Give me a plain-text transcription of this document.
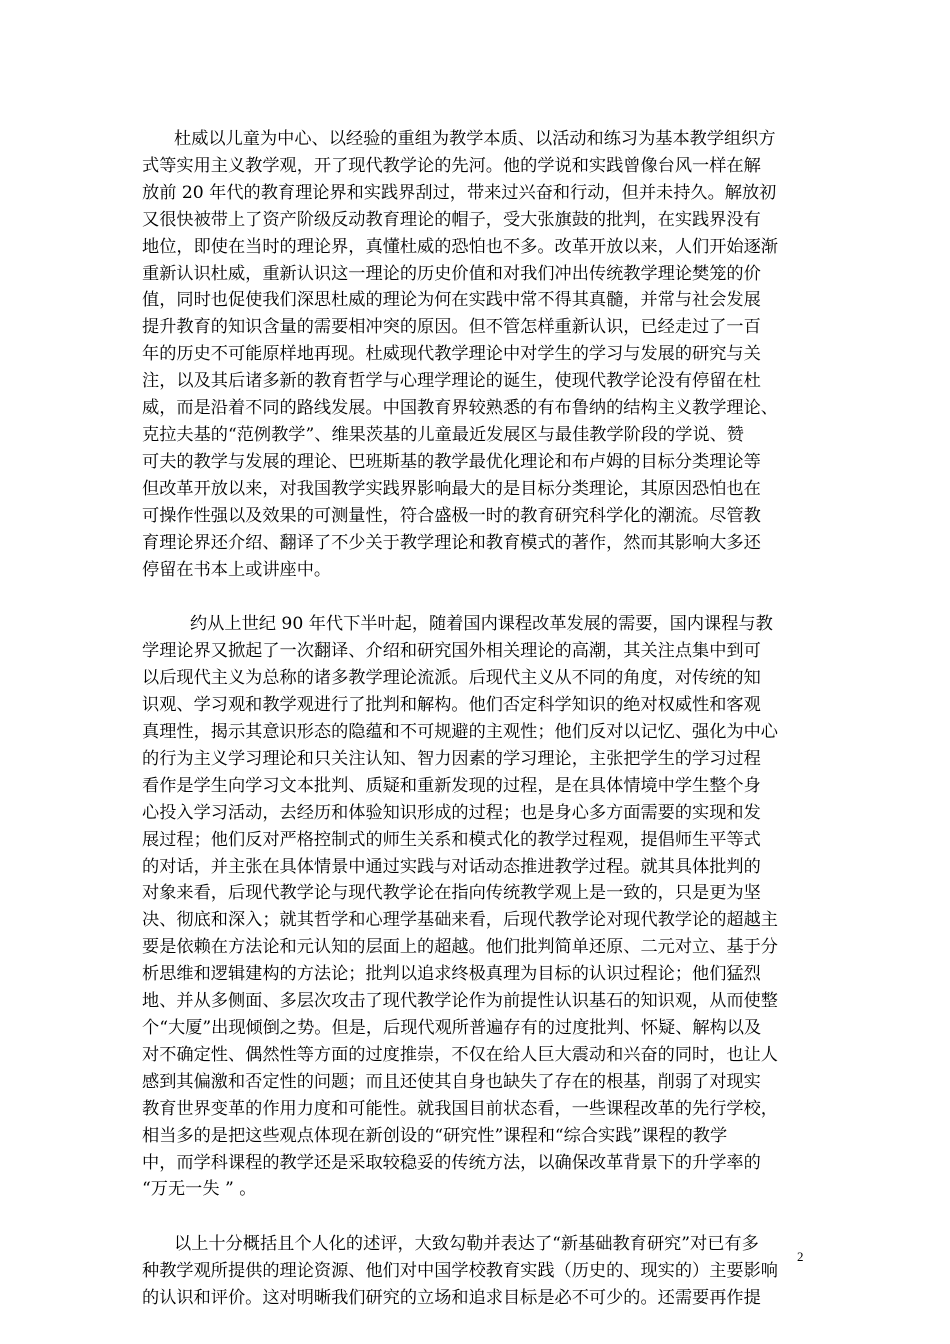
杜威以儿童为中心、以经验的重组为教学本质、以活动和练习为基本教学组织方
式等实用主义教学观，开了现代教学论的先河。他的学说和实践曾像台风一样在解
放前 20 年代的教育理论界和实践界刮过，带来过兴奋和行动，但并未持久。解放初
又很快被带上了资产阶级反动教育理论的帽子，受大张旗鼓的批判，在实践界没有
地位，即使在当时的理论界，真懂杜威的恐怕也不多。改革开放以来，人们开始逐渐
重新认识杜威，重新认识这一理论的历史价值和对我们冲出传统教学理论樊笼的价
值，同时也促使我们深思杜威的理论为何在实践中常不得其真髓，并常与社会发展
提升教育的知识含量的需要相冲突的原因。但不管怎样重新认识，已经走过了一百
年的历史不可能原样地再现。杜威现代教学理论中对学生的学习与发展的研究与关
注，以及其后诸多新的教育哲学与心理学理论的诞生，使现代教学论没有停留在杜
威，而是沿着不同的路线发展。中国教育界较熟悉的有布鲁纳的结构主义教学理论、
克拉夫基的“范例教学”、维果茨基的儿童最近发展区与最佳教学阶段的学说、赞
可夫的教学与发展的理论、巴班斯基的教学最优化理论和布卢姆的目标分类理论等
但改革开放以来，对我国教学实践界影响最大的是目标分类理论，其原因恐怕也在
可操作性强以及效果的可测量性，符合盛极一时的教育研究科学化的潮流。尽管教
育理论界还介绍、翻译了不少关于教学理论和教育模式的著作，然而其影响大多还
停留在书本上或讲座中。

约从上世纪 90 年代下半叶起，随着国内课程改革发展的需要，国内课程与教
学理论界又掀起了一次翻译、介绍和研究国外相关理论的高潮，其关注点集中到可
以后现代主义为总称的诸多教学理论流派。后现代主义从不同的角度，对传统的知
识观、学习观和教学观进行了批判和解构。他们否定科学知识的绝对权威性和客观
真理性，揭示其意识形态的隐蕴和不可规避的主观性；他们反对以记忆、强化为中心
的行为主义学习理论和只关注认知、智力因素的学习理论，主张把学生的学习过程
看作是学生向学习文本批判、质疑和重新发现的过程，是在具体情境中学生整个身
心投入学习活动，去经历和体验知识形成的过程；也是身心多方面需要的实现和发
展过程；他们反对严格控制式的师生关系和模式化的教学过程观，提倡师生平等式
的对话，并主张在具体情景中通过实践与对话动态推进教学过程。就其具体批判的
对象来看，后现代教学论与现代教学论在指向传统教学观上是一致的，只是更为坚
决、彻底和深入；就其哲学和心理学基础来看，后现代教学论对现代教学论的超越主
要是依赖在方法论和元认知的层面上的超越。他们批判简单还原、二元对立、基于分
析思维和逻辑建构的方法论；批判以追求终极真理为目标的认识过程论；他们猛烈
地、并从多侧面、多层次攻击了现代教学论作为前提性认识基石的知识观，从而使整
个“大厦”出现倾倒之势。但是，后现代观所普遍存有的过度批判、怀疑、解构以及
对不确定性、偶然性等方面的过度推崇，不仅在给人巨大震动和兴奋的同时，也让人
感到其偏激和否定性的问题；而且还使其自身也缺失了存在的根基，削弱了对现实
教育世界变革的作用力度和可能性。就我国目前状态看，一些课程改革的先行学校，
相当多的是把这些观点体现在新创设的“研究性”课程和“综合实践”课程的教学
中，而学科课程的教学还是采取较稳妥的传统方法，以确保改革背景下的升学率的
“万无一失 ” 。

以上十分概括且个人化的述评，大致勾勒并表达了“新基础教育研究”对已有多
种教学观所提供的理论资源、他们对中国学校教育实践（历史的、现实的）主要影响
的认识和评价。这对明晰我们研究的立场和追求目标是必不可少的。还需要再作提

2
